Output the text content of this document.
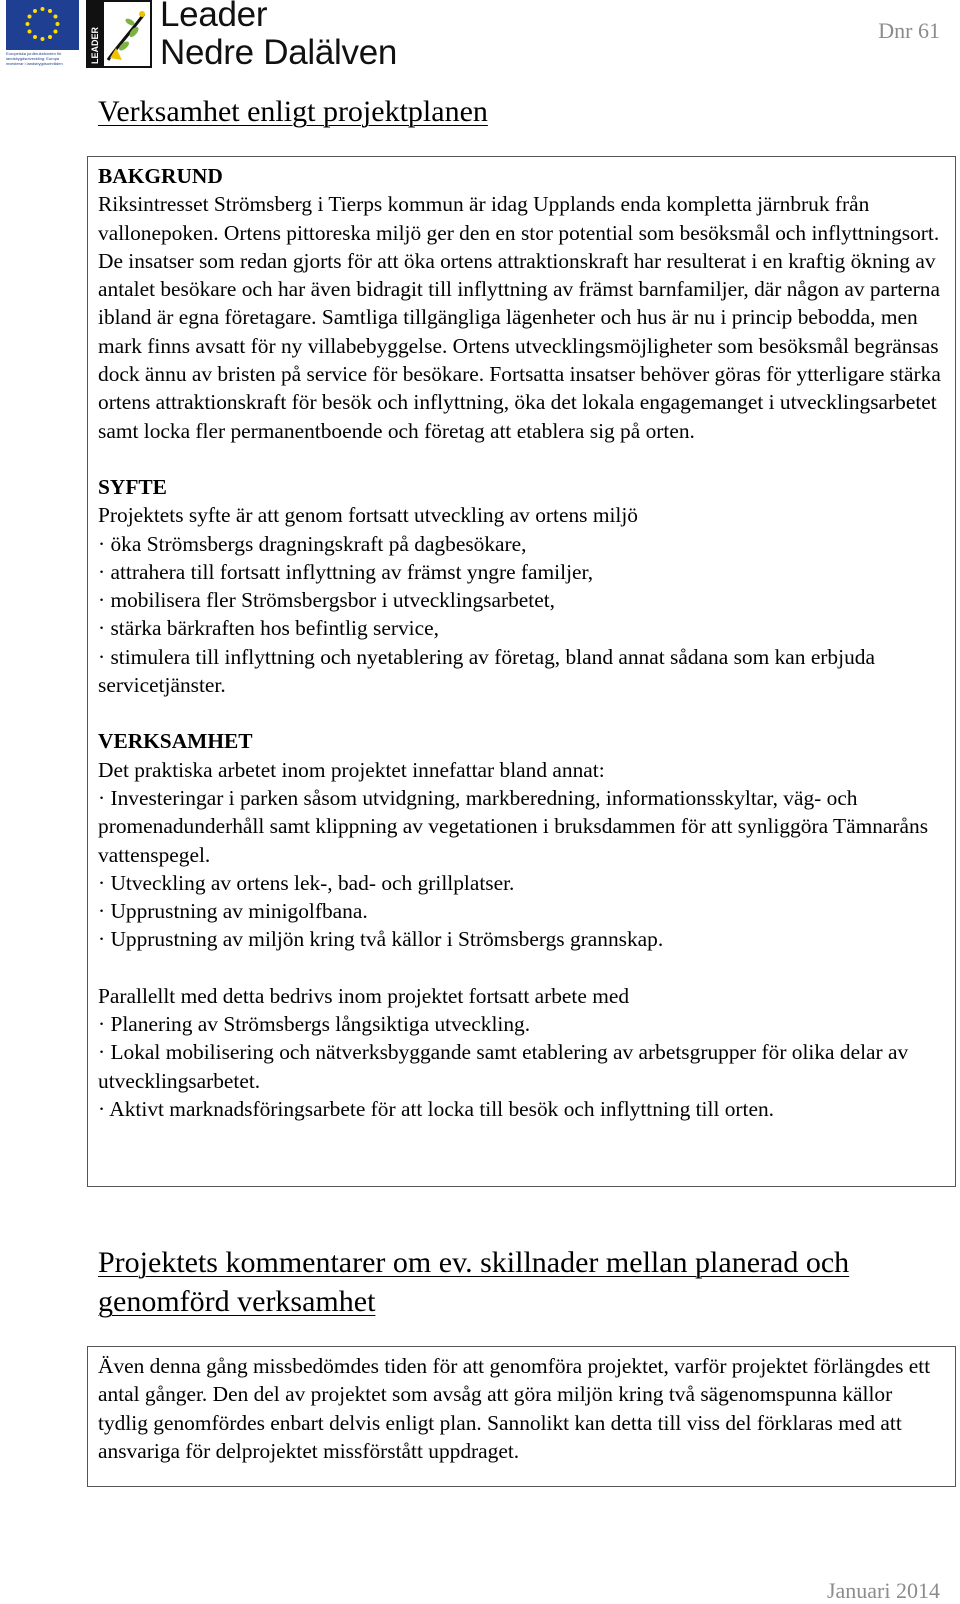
Europeiska jordbruksfonden för
landsbygdsutveckling: Europa
investerar i landsbygdsområden	LEADER
Leader
Nedre Dalälven
Dnr 61
Verksamhet enligt projektplanen

BAKGRUND

Riksintresset Strömsberg i Tierps kommun är idag Upplands enda kompletta järnbruk från vallonepoken. Ortens pittoreska miljö ger den en stor potential som besöksmål och inflyttningsort. De insatser som redan gjorts för att öka ortens attraktionskraft har resulterat i en kraftig ökning av antalet besökare och har även bidragit till inflyttning av främst barnfamiljer, där någon av parterna ibland är egna företagare. Samtliga tillgängliga lägenheter och hus är nu i princip bebodda, men mark finns avsatt för ny villabebyggelse. Ortens utvecklingsmöjligheter som besöksmål begränsas dock ännu av bristen på service för besökare. Fortsatta insatser behöver göras för ytterligare stärka ortens attraktionskraft för besök och inflyttning, öka det lokala engagemanget i utvecklingsarbetet samt locka fler permanentboende och företag att etablera sig på orten.

SYFTE

Projektets syfte är att genom fortsatt utveckling av ortens miljö

· öka Strömsbergs dragningskraft på dagbesökare,

· attrahera till fortsatt inflyttning av främst yngre familjer,

· mobilisera fler Strömsbergsbor i utvecklingsarbetet,

· stärka bärkraften hos befintlig service,

· stimulera till inflyttning och nyetablering av företag, bland annat sådana som kan erbjuda servicetjänster.

VERKSAMHET

Det praktiska arbetet inom projektet innefattar bland annat:

· Investeringar i parken såsom utvidgning, markberedning, informationsskyltar, väg- och promenadunderhåll samt klippning av vegetationen i bruksdammen för att synliggöra Tämnaråns vattenspegel.

· Utveckling av ortens lek-, bad- och grillplatser.

· Upprustning av minigolfbana.

· Upprustning av miljön kring två källor i Strömsbergs grannskap.

Parallellt med detta bedrivs inom projektet fortsatt arbete med

· Planering av Strömsbergs långsiktiga utveckling.

· Lokal mobilisering och nätverksbyggande samt etablering av arbetsgrupper för olika delar av utvecklingsarbetet.

· Aktivt marknadsföringsarbete för att locka till besök och inflyttning till orten.

Projektets kommentarer om ev. skillnader mellan planerad och genomförd verksamhet

Även denna gång missbedömdes tiden för att genomföra projektet, varför projektet förlängdes ett antal gånger. Den del av projektet som avsåg att göra miljön kring två sägenomspunna källor tydlig genomfördes enbart delvis enligt plan. Sannolikt kan detta till viss del förklaras med att ansvariga för delprojektet missförstått uppdraget.

Januari 2014
